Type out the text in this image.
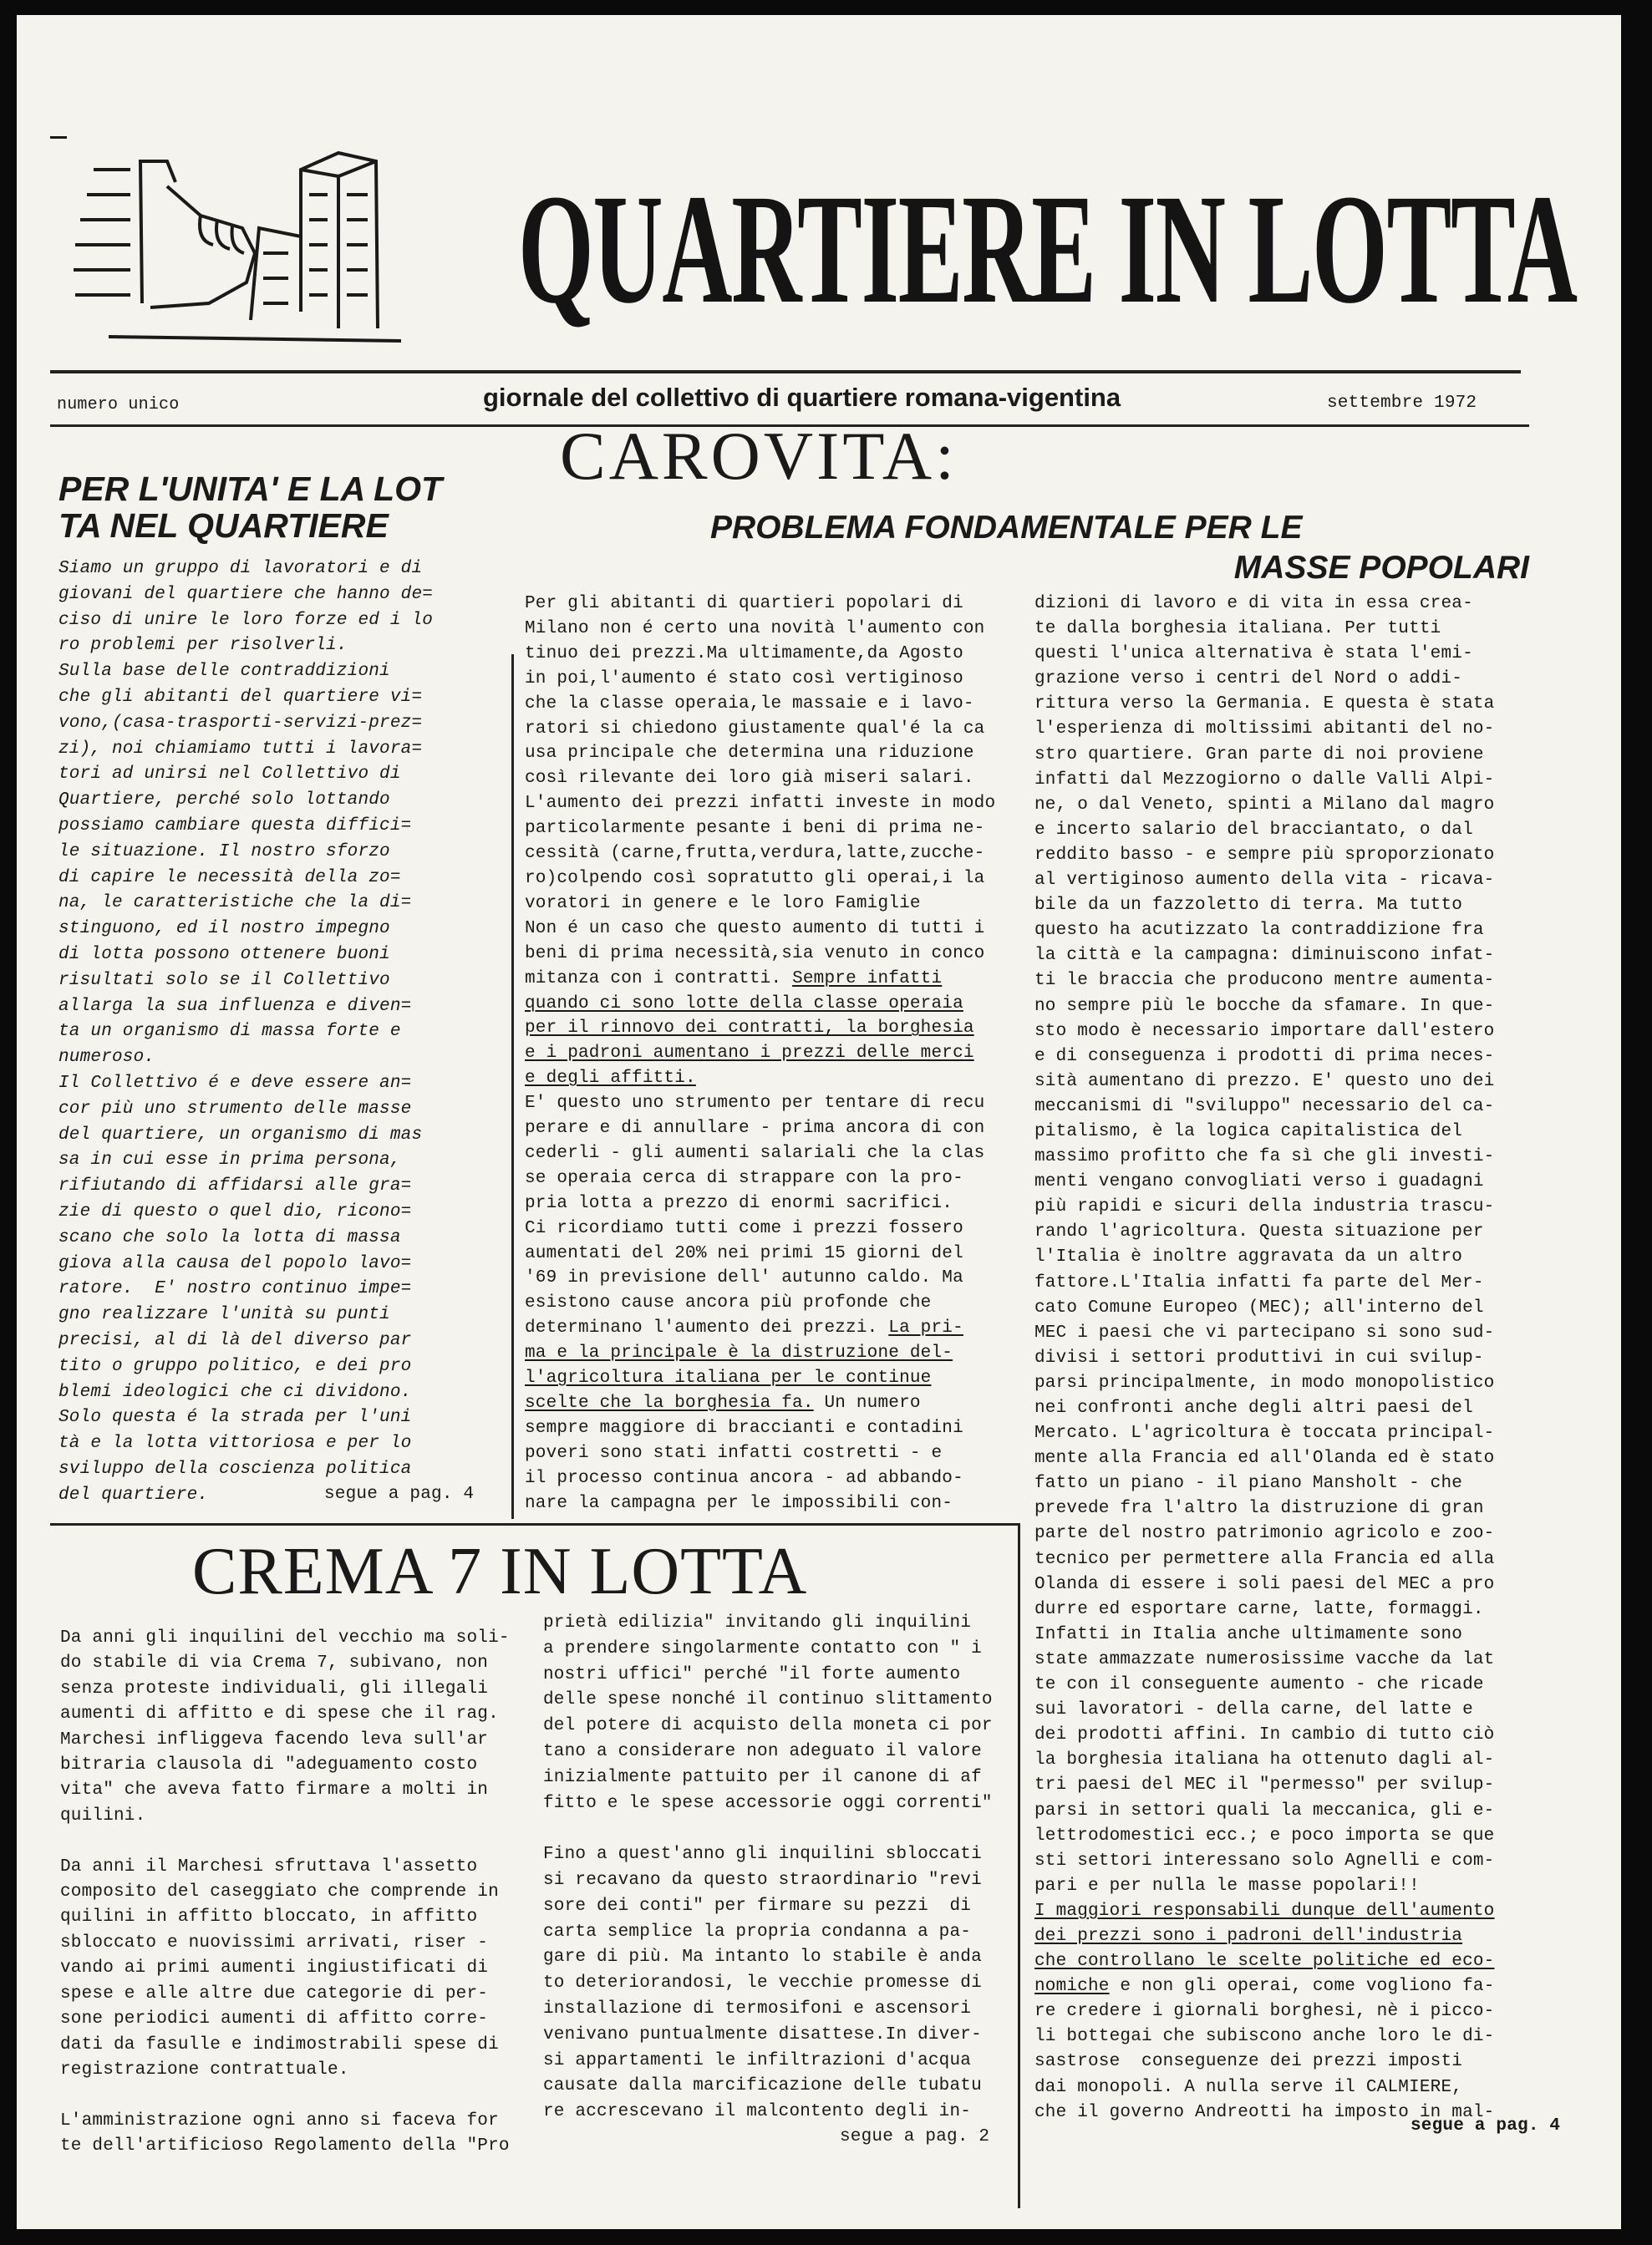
QUARTIERE IN LOTTA
numero unico	giornale del collettivo di quartiere romana-vigentina	settembre 1972
PER L'UNITA' E LA LOT
TA NEL QUARTIERE
Siamo un gruppo di lavoratori e di
giovani del quartiere che hanno de=
ciso di unire le loro forze ed i lo
ro problemi per risolverli.
Sulla base delle contraddizioni
che gli abitanti del quartiere vi=
vono,(casa-trasporti-servizi-prez=
zi), noi chiamiamo tutti i lavora=
tori ad unirsi nel Collettivo di
Quartiere, perché solo lottando
possiamo cambiare questa diffici=
le situazione. Il nostro sforzo
di capire le necessità della zo=
na, le caratteristiche che la di=
stinguono, ed il nostro impegno
di lotta possono ottenere buoni
risultati solo se il Collettivo
allarga la sua influenza e diven=
ta un organismo di massa forte e
numeroso.
Il Collettivo é e deve essere an=
cor più uno strumento delle masse
del quartiere, un organismo di mas
sa in cui esse in prima persona,
rifiutando di affidarsi alle gra=
zie di questo o quel dio, ricono=
scano che solo la lotta di massa
giova alla causa del popolo lavo=
ratore.  E' nostro continuo impe=
gno realizzare l'unità su punti
precisi, al di là del diverso par
tito o gruppo politico, e dei pro
blemi ideologici che ci dividono.
Solo questa é la strada per l'uni
tà e la lotta vittoriosa e per lo
sviluppo della coscienza politica
del quartiere.	segue a pag. 4
CAROVITA:
PROBLEMA FONDAMENTALE PER LE
MASSE POPOLARI
Per gli abitanti di quartieri popolari di
Milano non é certo una novità l'aumento con
tinuo dei prezzi.Ma ultimamente,da Agosto
in poi,l'aumento é stato così vertiginoso
che la classe operaia,le massaie e i lavo-
ratori si chiedono giustamente qual'é la ca
usa principale che determina una riduzione
così rilevante dei loro già miseri salari.
L'aumento dei prezzi infatti investe in modo
particolarmente pesante i beni di prima ne-
cessità (carne,frutta,verdura,latte,zucche-
ro)colpendo così sopratutto gli operai,i la
voratori in genere e le loro Famiglie
Non é un caso che questo aumento di tutti i
beni di prima necessità,sia venuto in conco
mitanza con i contratti. Sempre infatti
quando ci sono lotte della classe operaia
per il rinnovo dei contratti, la borghesia
e i padroni aumentano i prezzi delle merci
e degli affitti.
E' questo uno strumento per tentare di recu
perare e di annullare - prima ancora di con
cederli - gli aumenti salariali che la clas
se operaia cerca di strappare con la pro-
pria lotta a prezzo di enormi sacrifici.
Ci ricordiamo tutti come i prezzi fossero
aumentati del 20% nei primi 15 giorni del
'69 in previsione dell' autunno caldo. Ma
esistono cause ancora più profonde che
determinano l'aumento dei prezzi. La pri-
ma e la principale è la distruzione del-
l'agricoltura italiana per le continue
scelte che la borghesia fa. Un numero
sempre maggiore di braccianti e contadini
poveri sono stati infatti costretti - e
il processo continua ancora - ad abbando-
nare la campagna per le impossibili con-
dizioni di lavoro e di vita in essa crea-
te dalla borghesia italiana. Per tutti
questi l'unica alternativa è stata l'emi-
grazione verso i centri del Nord o addi-
rittura verso la Germania. E questa è stata
l'esperienza di moltissimi abitanti del no-
stro quartiere. Gran parte di noi proviene
infatti dal Mezzogiorno o dalle Valli Alpi-
ne, o dal Veneto, spinti a Milano dal magro
e incerto salario del bracciantato, o dal
reddito basso - e sempre più sproporzionato
al vertiginoso aumento della vita - ricava-
bile da un fazzoletto di terra. Ma tutto
questo ha acutizzato la contraddizione fra
la città e la campagna: diminuiscono infat-
ti le braccia che producono mentre aumenta-
no sempre più le bocche da sfamare. In que-
sto modo è necessario importare dall'estero
e di conseguenza i prodotti di prima neces-
sità aumentano di prezzo. E' questo uno dei
meccanismi di "sviluppo" necessario del ca-
pitalismo, è la logica capitalistica del
massimo profitto che fa sì che gli investi-
menti vengano convogliati verso i guadagni
più rapidi e sicuri della industria trascu-
rando l'agricoltura. Questa situazione per
l'Italia è inoltre aggravata da un altro
fattore.L'Italia infatti fa parte del Mer-
cato Comune Europeo (MEC); all'interno del
MEC i paesi che vi partecipano si sono sud-
divisi i settori produttivi in cui svilup-
parsi principalmente, in modo monopolistico
nei confronti anche degli altri paesi del
Mercato. L'agricoltura è toccata principal-
mente alla Francia ed all'Olanda ed è stato
fatto un piano - il piano Mansholt - che
prevede fra l'altro la distruzione di gran
parte del nostro patrimonio agricolo e zoo-
tecnico per permettere alla Francia ed alla
Olanda di essere i soli paesi del MEC a pro
durre ed esportare carne, latte, formaggi.
Infatti in Italia anche ultimamente sono
state ammazzate numerosissime vacche da lat
te con il conseguente aumento - che ricade
sui lavoratori - della carne, del latte e
dei prodotti affini. In cambio di tutto ciò
la borghesia italiana ha ottenuto dagli al-
tri paesi del MEC il "permesso" per svilup-
parsi in settori quali la meccanica, gli e-
lettrodomestici ecc.; e poco importa se que
sti settori interessano solo Agnelli e com-
pari e per nulla le masse popolari!!
I maggiori responsabili dunque dell'aumento
dei prezzi sono i padroni dell'industria
che controllano le scelte politiche ed eco-
nomiche e non gli operai, come vogliono fa-
re credere i giornali borghesi, nè i picco-
li bottegai che subiscono anche loro le di-
sastrose  conseguenze dei prezzi imposti
dai monopoli. A nulla serve il CALMIERE,
che il governo Andreotti ha imposto in mal-
segue a pag. 4
CREMA 7 IN LOTTA
Da anni gli inquilini del vecchio ma soli-
do stabile di via Crema 7, subivano, non
senza proteste individuali, gli illegali
aumenti di affitto e di spese che il rag.
Marchesi infliggeva facendo leva sull'ar
bitraria clausola di "adeguamento costo
vita" che aveva fatto firmare a molti in
quilini.

Da anni il Marchesi sfruttava l'assetto
composito del caseggiato che comprende in
quilini in affitto bloccato, in affitto
sbloccato e nuovissimi arrivati, riser -
vando ai primi aumenti ingiustificati di
spese e alle altre due categorie di per-
sone periodici aumenti di affitto corre-
dati da fasulle e indimostrabili spese di
registrazione contrattuale.

L'amministrazione ogni anno si faceva for
te dell'artificioso Regolamento della "Pro
prietà edilizia" invitando gli inquilini
a prendere singolarmente contatto con " i
nostri uffici" perché "il forte aumento
delle spese nonché il continuo slittamento
del potere di acquisto della moneta ci por
tano a considerare non adeguato il valore
inizialmente pattuito per il canone di af
fitto e le spese accessorie oggi correnti"

Fino a quest'anno gli inquilini sbloccati
si recavano da questo straordinario "revi
sore dei conti" per firmare su pezzi  di
carta semplice la propria condanna a pa-
gare di più. Ma intanto lo stabile è anda
to deteriorandosi, le vecchie promesse di
installazione di termosifoni e ascensori
venivano puntualmente disattese.In diver-
si appartamenti le infiltrazioni d'acqua
causate dalla marcificazione delle tubatu
re accrescevano il malcontento degli in-
segue a pag. 2
